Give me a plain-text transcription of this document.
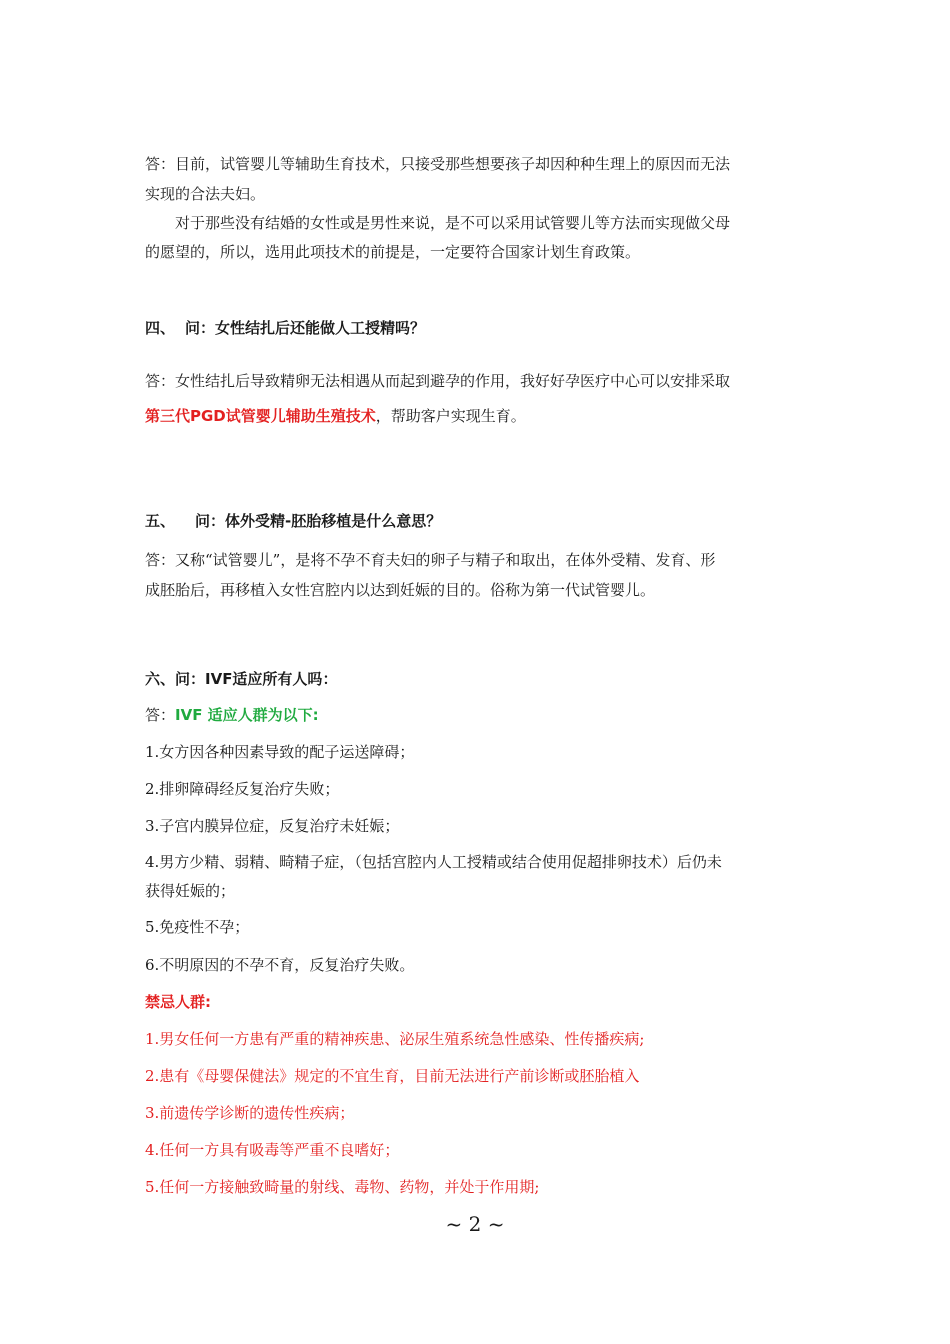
答：目前，试管婴儿等辅助生育技术，只接受那些想要孩子却因种种生理上的原因而无法

实现的合法夫妇。

对于那些没有结婚的女性或是男性来说，是不可以采用试管婴儿等方法而实现做父母

的愿望的，所以，选用此项技术的前提是，一定要符合国家计划生育政策。

四、 问：女性结扎后还能做人工授精吗？

答：女性结扎后导致精卵无法相遇从而起到避孕的作用，我好好孕医疗中心可以安排采取

第三代PGD试管婴儿辅助生殖技术，帮助客户实现生育。

五、 问：体外受精-胚胎移植是什么意思？

答：又称“试管婴儿”，是将不孕不育夫妇的卵子与精子和取出，在体外受精、发育、形

成胚胎后，再移植入女性宫腔内以达到妊娠的目的。俗称为第一代试管婴儿。

六、问：IVF适应所有人吗：

答：IVF 适应人群为以下:

1.女方因各种因素导致的配子运送障碍；

2.排卵障碍经反复治疗失败；

3.子宫内膜异位症，反复治疗未妊娠；

4.男方少精、弱精、畸精子症，（包括宫腔内人工授精或结合使用促超排卵技术）后仍未

获得妊娠的；

5.免疫性不孕；

6.不明原因的不孕不育，反复治疗失败。

禁忌人群:

1.男女任何一方患有严重的精神疾患、泌尿生殖系统急性感染、性传播疾病;

2.患有《母婴保健法》规定的不宜生育，目前无法进行产前诊断或胚胎植入

3.前遗传学诊断的遗传性疾病；

4.任何一方具有吸毒等严重不良嗜好；

5.任何一方接触致畸量的射线、毒物、药物，并处于作用期;

~ 2 ~
